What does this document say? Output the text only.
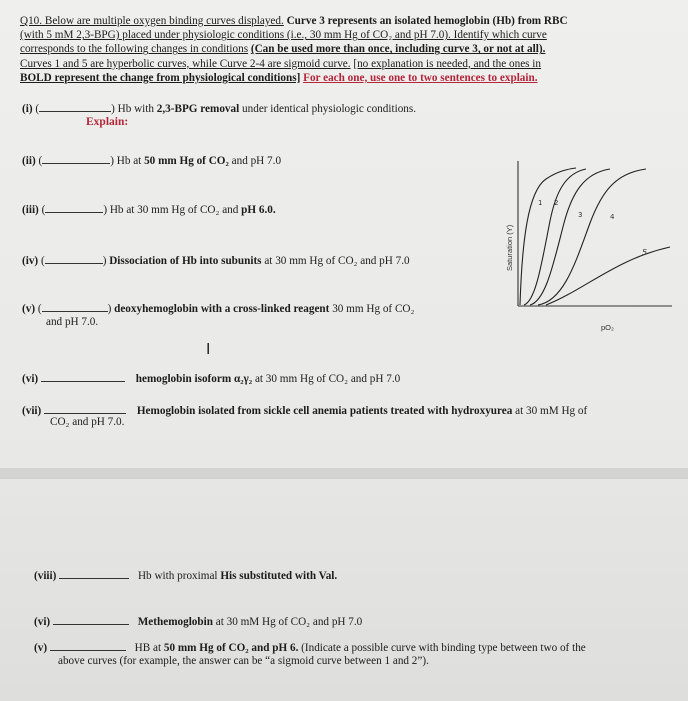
Q10. Below are multiple oxygen binding curves displayed. Curve 3 represents an isolated hemoglobin (Hb) from RBC
(with 5 mM 2,3-BPG) placed under physiologic conditions (i.e., 30 mm Hg of CO₂ and pH 7.0). Identify which curve
corresponds to the following changes in conditions (Can be used more than once, including curve 3, or not at all).
Curves 1 and 5 are hyperbolic curves, while Curve 2-4 are sigmoid curve. [no explanation is needed, and the ones in
BOLD represent the change from physiological conditions] For each one, use one to two sentences to explain.
(i) (	) Hb with 2,3-BPG removal under identical physiologic conditions.
Explain:
(ii) (	) Hb at 50 mm Hg of CO₂ and pH 7.0
(iii) (	) Hb at 30 mm Hg of CO₂ and pH 6.0.
(iv) (	) Dissociation of Hb into subunits at 30 mm Hg of CO₂ and pH 7.0
(v) (	) deoxyhemoglobin with a cross-linked reagent 30 mm Hg of CO₂
and pH 7.0.
Saturation (Y)
pO₂
1 2
3	4
5
I
(vi)	hemoglobin isoform α₂γ₂ at 30 mm Hg of CO₂ and pH 7.0
(vii)	Hemoglobin isolated from sickle cell anemia patients treated with hydroxyurea at 30 mM Hg of
CO₂ and pH 7.0.
(viii)	Hb with proximal His substituted with Val.
(vi)	Methemoglobin at 30 mM Hg of CO₂ and pH 7.0
(v)	HB at 50 mm Hg of CO₂ and pH 6. (Indicate a possible curve with binding type between two of the
above curves (for example, the answer can be “a sigmoid curve between 1 and 2”).
